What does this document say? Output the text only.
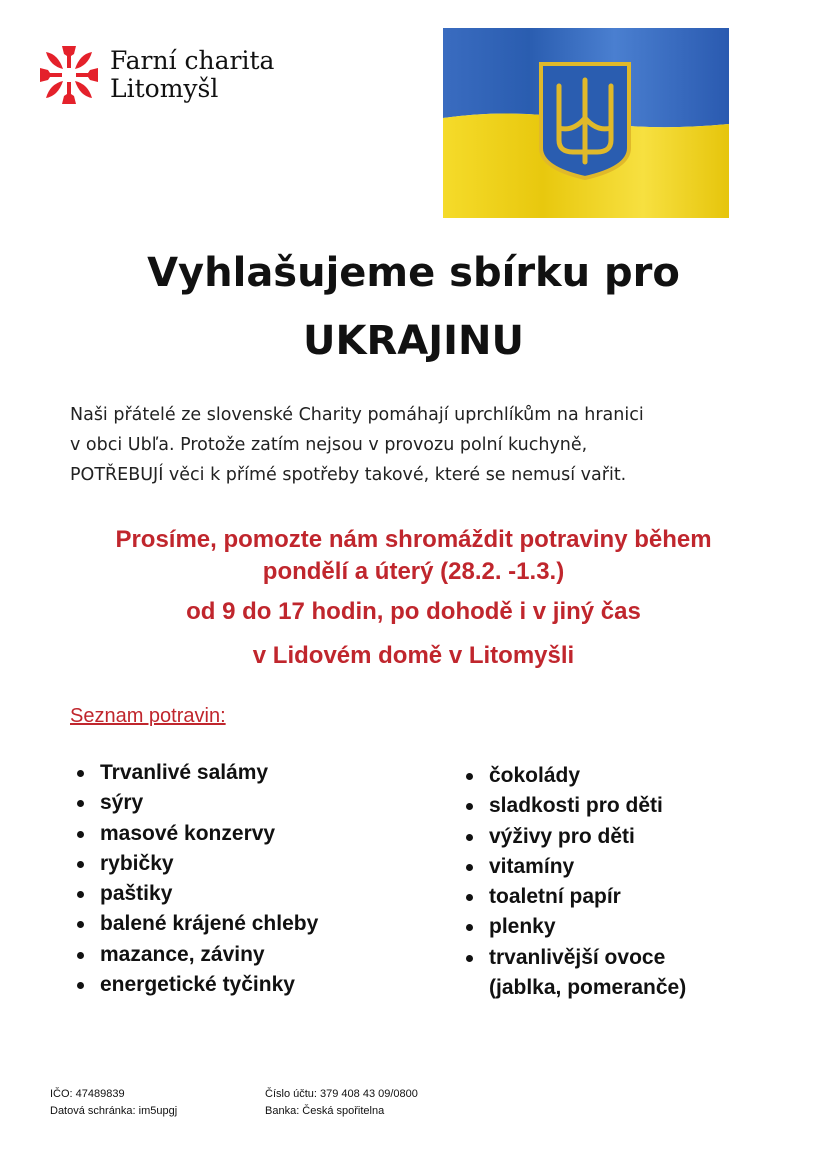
Farní charita
Litomyšl
Vyhlašujeme sbírku pro
UKRAJINU
Naši přátelé ze slovenské Charity pomáhají uprchlíkům na hranici
v obci Ubľa. Protože zatím nejsou v provozu polní kuchyně,
POTŘEBUJÍ věci k přímé spotřeby takové, které se nemusí vařit.
Prosíme, pomozte nám shromáždit potraviny během
pondělí a úterý (28.2. -1.3.)
od 9 do 17 hodin, po dohodě i v jiný čas
v Lidovém domě v Litomyšli
Seznam potravin:
Trvanlivé salámy
sýry
masové konzervy
rybičky
paštiky
balené krájené chleby
mazance, záviny
energetické tyčinky
čokolády
sladkosti pro děti
výživy pro děti
vitamíny
toaletní papír
plenky
trvanlivější ovoce
(jablka, pomeranče)
IČO: 47489839
Datová schránka: im5upgj
Číslo účtu: 379 408 43 09/0800
Banka: Česká spořitelna
